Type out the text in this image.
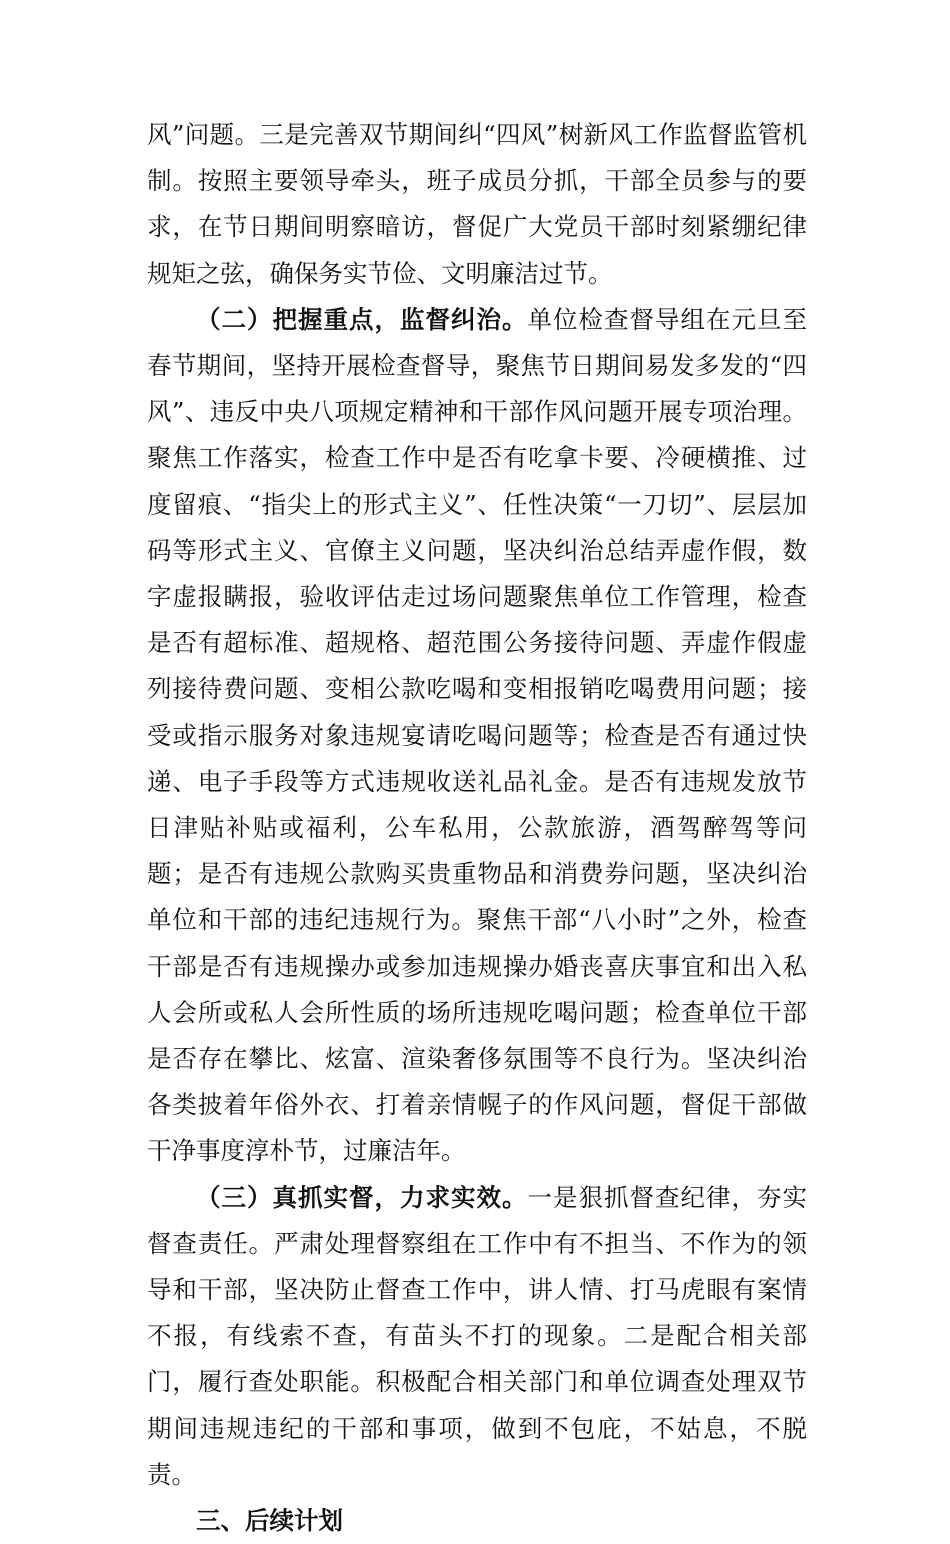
风”问题。三是完善双节期间纠“四风”树新风工作监督监管机制。按照主要领导牵头，班子成员分抓，干部全员参与的要求，在节日期间明察暗访，督促广大党员干部时刻紧绷纪律规矩之弦，确保务实节俭、文明廉洁过节。

（二）把握重点，监督纠治。单位检查督导组在元旦至春节期间，坚持开展检查督导，聚焦节日期间易发多发的“四风”、违反中央八项规定精神和干部作风问题开展专项治理。聚焦工作落实，检查工作中是否有吃拿卡要、冷硬横推、过度留痕、“指尖上的形式主义”、任性决策“一刀切”、层层加码等形式主义、官僚主义问题，坚决纠治总结弄虚作假，数字虚报瞒报，验收评估走过场问题聚焦单位工作管理，检查是否有超标准、超规格、超范围公务接待问题、弄虚作假虚列接待费问题、变相公款吃喝和变相报销吃喝费用问题；接受或指示服务对象违规宴请吃喝问题等；检查是否有通过快递、电子手段等方式违规收送礼品礼金。是否有违规发放节日津贴补贴或福利，公车私用，公款旅游，酒驾醉驾等问题；是否有违规公款购买贵重物品和消费券问题，坚决纠治单位和干部的违纪违规行为。聚焦干部“八小时”之外，检查干部是否有违规操办或参加违规操办婚丧喜庆事宜和出入私人会所或私人会所性质的场所违规吃喝问题；检查单位干部是否存在攀比、炫富、渲染奢侈氛围等不良行为。坚决纠治各类披着年俗外衣、打着亲情幌子的作风问题，督促干部做干净事度淳朴节，过廉洁年。

（三）真抓实督，力求实效。一是狠抓督查纪律，夯实督查责任。严肃处理督察组在工作中有不担当、不作为的领导和干部，坚决防止督查工作中，讲人情、打马虎眼有案情不报，有线索不查，有苗头不打的现象。二是配合相关部门，履行查处职能。积极配合相关部门和单位调查处理双节期间违规违纪的干部和事项，做到不包庇，不姑息，不脱责。

三、后续计划
